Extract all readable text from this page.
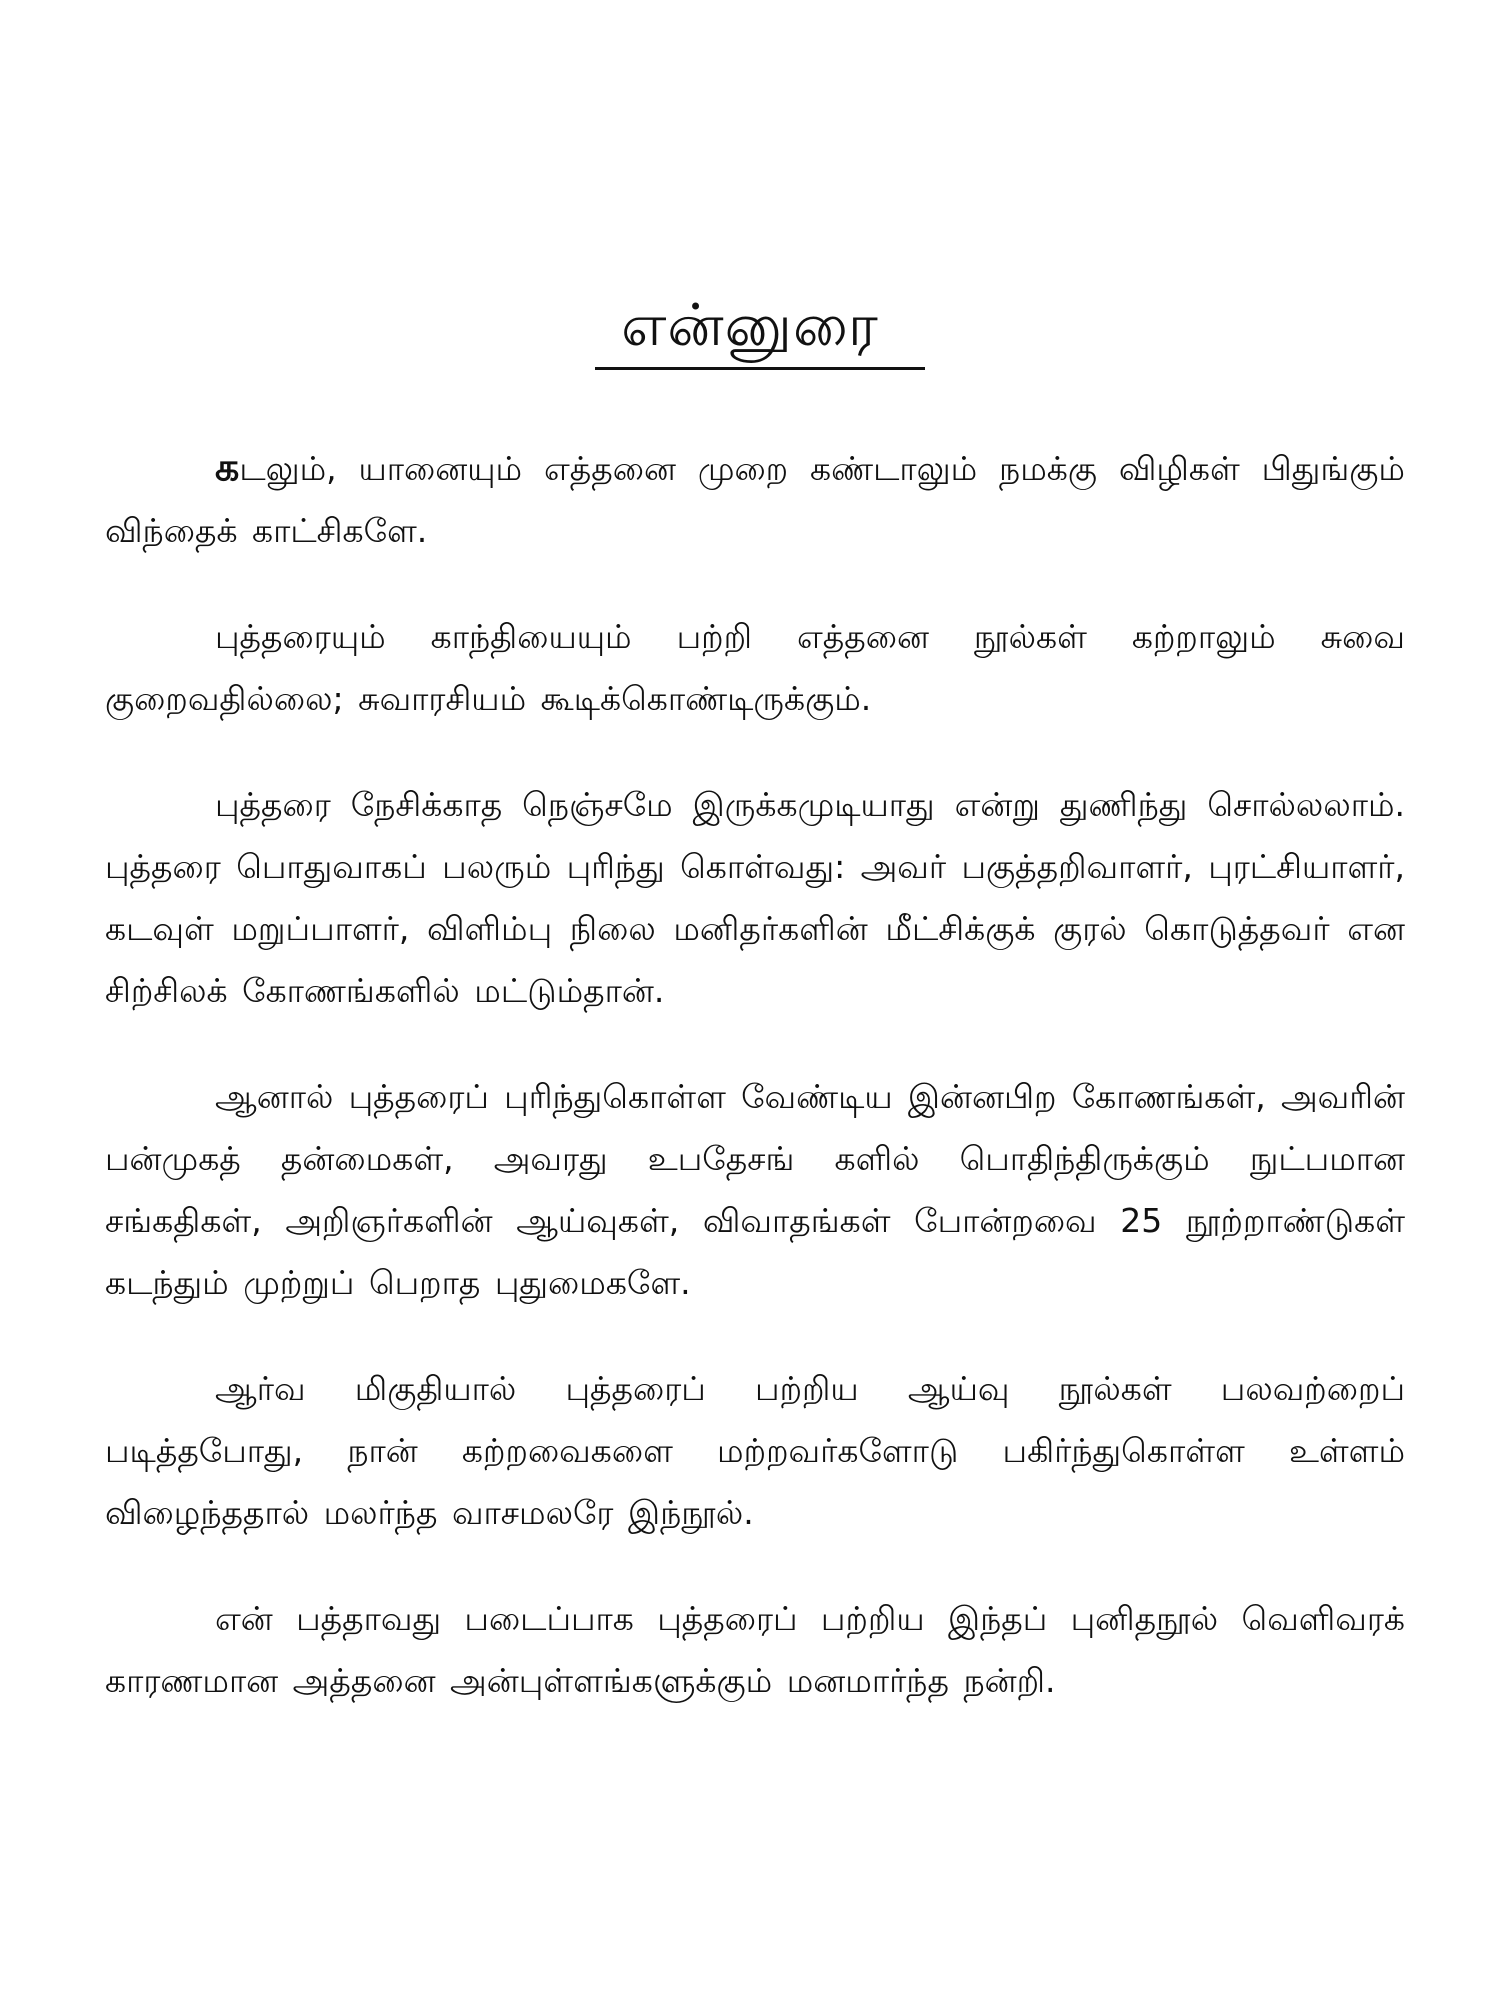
என்னுரை

கடலும், யானையும் எத்தனை முறை கண்டாலும் நமக்கு விழிகள் பிதுங்கும் விந்தைக் காட்சிகளே.

புத்தரையும் காந்தியையும் பற்றி எத்தனை நூல்கள் கற்றாலும் சுவை குறைவதில்லை; சுவாரசியம் கூடிக்கொண்டிருக்கும்.

புத்தரை நேசிக்காத நெஞ்சமே இருக்கமுடியாது என்று துணிந்து சொல்லலாம். புத்தரை பொதுவாகப் பலரும் புரிந்து கொள்வது: அவர் பகுத்தறிவாளர், புரட்சியாளர், கடவுள் மறுப்பாளர், விளிம்பு நிலை மனிதர்களின் மீட்சிக்குக் குரல் கொடுத்தவர் என சிற்சிலக் கோணங்களில் மட்டும்தான்.

ஆனால் புத்தரைப் புரிந்துகொள்ள வேண்டிய இன்னபிற கோணங்கள், அவரின் பன்முகத் தன்மைகள், அவரது உபதேசங் களில் பொதிந்திருக்கும் நுட்பமான சங்கதிகள், அறிஞர்களின் ஆய்வுகள், விவாதங்கள் போன்றவை 25 நூற்றாண்டுகள் கடந்தும் முற்றுப் பெறாத புதுமைகளே.

ஆர்வ மிகுதியால் புத்தரைப் பற்றிய ஆய்வு நூல்கள் பலவற்றைப் படித்தபோது, நான் கற்றவைகளை மற்றவர்களோடு பகிர்ந்துகொள்ள உள்ளம் விழைந்ததால் மலர்ந்த வாசமலரே இந்நூல்.

என் பத்தாவது படைப்பாக புத்தரைப் பற்றிய இந்தப் புனிதநூல் வெளிவரக் காரணமான அத்தனை அன்புள்ளங்களுக்கும் மனமார்ந்த நன்றி.
